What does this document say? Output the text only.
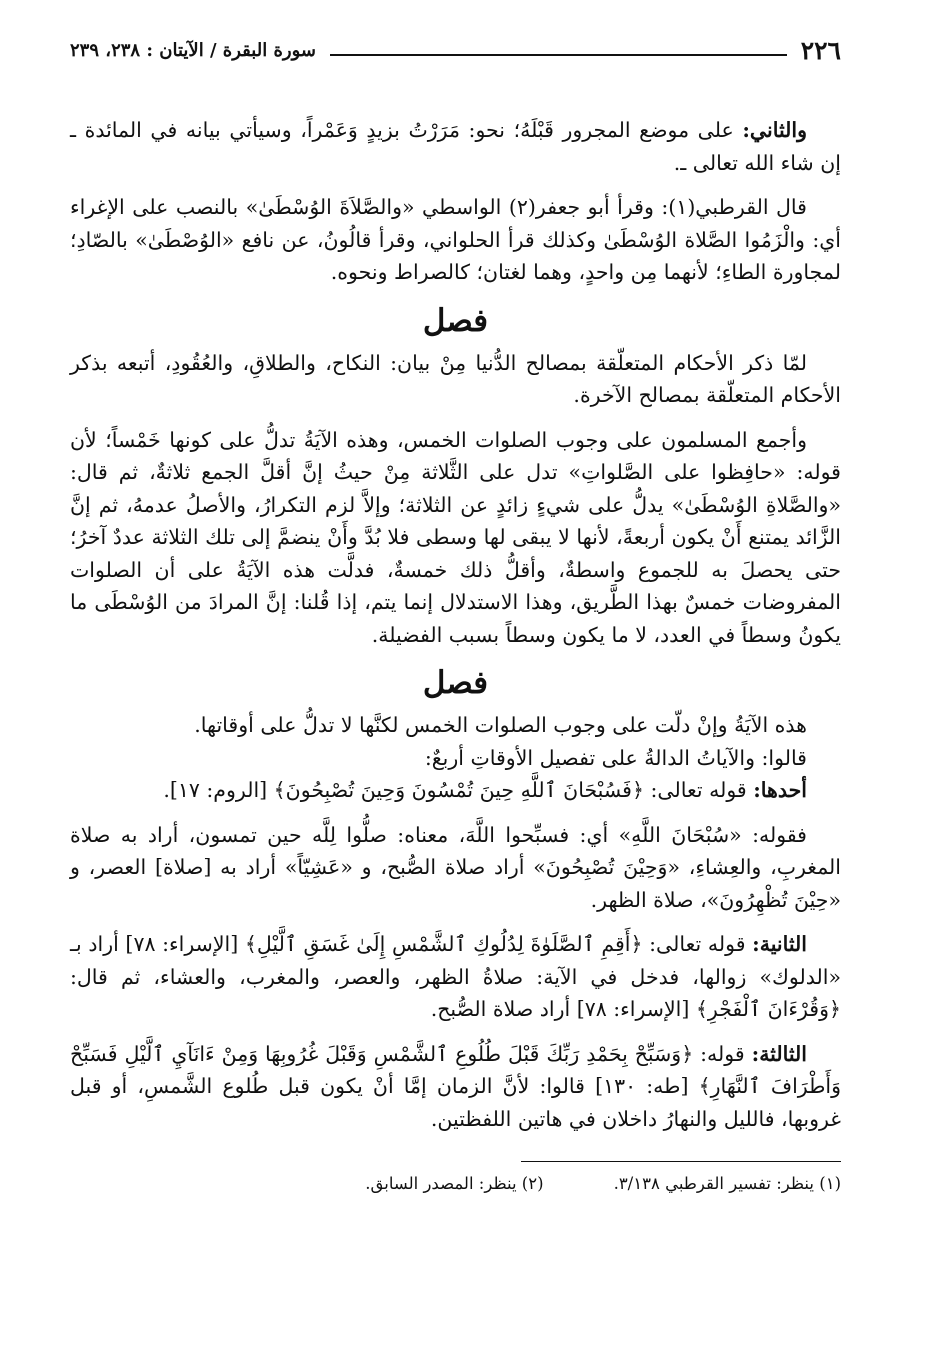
٢٢٦
سورة البقرة / الآيتان : ٢٣٨، ٢٣٩

والثاني: على موضع المجرور قَبْلَهُ؛ نحو: مَرَرْتُ بزيدٍ وَعَمْراً، وسيأتي بيانه في المائدة ـ إن شاء الله تعالى ـ.

قال القرطبي(١): وقرأ أبو جعفر(٢) الواسطي «والصَّلاَةَ الوُسْطَىٰ» بالنصب على الإغراء أي: والْزَمُوا الصَّلاة الوُسْطَىٰ وكذلك قرأ الحلواني، وقرأ قالُونُ، عن نافع «الوُصْطَىٰ» بالصّادِ؛ لمجاورة الطاءِ؛ لأنهما مِن واحدٍ، وهما لغتان؛ كالصراط ونحوه.

فصل

لمّا ذكر الأحكام المتعلّقة بمصالح الدُّنيا مِنْ بيان: النكاح، والطلاقِ، والعُقُودِ، أتبعه بذكر الأحكام المتعلّقة بمصالح الآخرة.

وأجمع المسلمون على وجوب الصلوات الخمس، وهذه الآيَةُ تدلُّ على كونها خَمْساً؛ لأن قوله: «حافِظوا على الصَّلواتِ» تدل على الثَّلاثة مِنْ حيثُ إنَّ أقلَّ الجمع ثلاثةٌ، ثم قال: «والصَّلاةِ الوُسْطَىٰ» يدلُّ على شيءٍ زائدٍ عن الثلاثة؛ وإلاَّ لزم التكرارُ، والأصلُ عدمهُ، ثم إنَّ الزَّائد يمتنع أَنْ يكون أربعةً، لأنها لا يبقى لها وسطى فلا بُدَّ وأَنْ ينضمَّ إلى تلك الثلاثة عددٌ آخرُ؛ حتى يحصلَ به للجموع واسطةٌ، وأقلُّ ذلك خمسةٌ، فدلَّت هذه الآيَةُ على أن الصلوات المفروضات خمسٌ بهذا الطَّريق، وهذا الاستدلال إنما يتم، إذا قُلنا: إنَّ المرادَ من الوُسْطَى ما يكونُ وسطاً في العدد، لا ما يكون وسطاً بسبب الفضيلة.

فصل

هذه الآيَةُ وإنْ دلّت على وجوب الصلوات الخمس لكنَّها لا تدلُّ على أوقاتها.

قالوا: والآياتُ الدالةُ على تفصيل الأوقاتِ أربعٌ:

أحدها: قوله تعالى: ﴿فَسُبْحَانَ ٱللَّهِ حِينَ تُمْسُونَ وَحِينَ تُصْبِحُونَ﴾ [الروم: ١٧].

فقوله: «سُبْحَانَ اللَّهِ» أي: فسبِّحوا اللَّهَ، معناه: صلُّوا لِلَّه حين تمسون، أراد به صلاة المغربِ، والعِشاءِ، «وَحِيْنَ تُصْبِحُونَ» أراد صلاة الصُّبح، و «عَشِيّاً» أراد به [صلاة] العصر، و «حِيْنَ تُظْهِرُونَ»، صلاة الظهر.

الثانية: قوله تعالى: ﴿أَقِمِ ٱلصَّلَوٰةَ لِدُلُوكِ ٱلشَّمْسِ إِلَىٰ غَسَقِ ٱلَّيْلِ﴾ [الإسراء: ٧٨] أراد بـ «الدلوك» زوالها، فدخل في الآية: صلاةُ الظهر، والعصر، والمغرب، والعشاء، ثم قال: ﴿وَقُرْءَانَ ٱلْفَجْرِ﴾ [الإسراء: ٧٨] أراد صلاة الصُّبح.

الثالثة: قوله: ﴿وَسَبِّحْ بِحَمْدِ رَبِّكَ قَبْلَ طُلُوعِ ٱلشَّمْسِ وَقَبْلَ غُرُوبِهَا وَمِنْ ءَانَآيِ ٱلَّيْلِ فَسَبِّحْ وَأَطْرَافَ ٱلنَّهَارِ﴾ [طه: ١٣٠] قالوا: لأنَّ الزمان إمَّا أنْ يكون قبل طُلوع الشَّمسِ، أو قبل غروبها، فالليل والنهارُ داخلان في هاتين اللفظتين.

(١) ينظر: تفسير القرطبي ٣/١٣٨.
(٢) ينظر: المصدر السابق.
